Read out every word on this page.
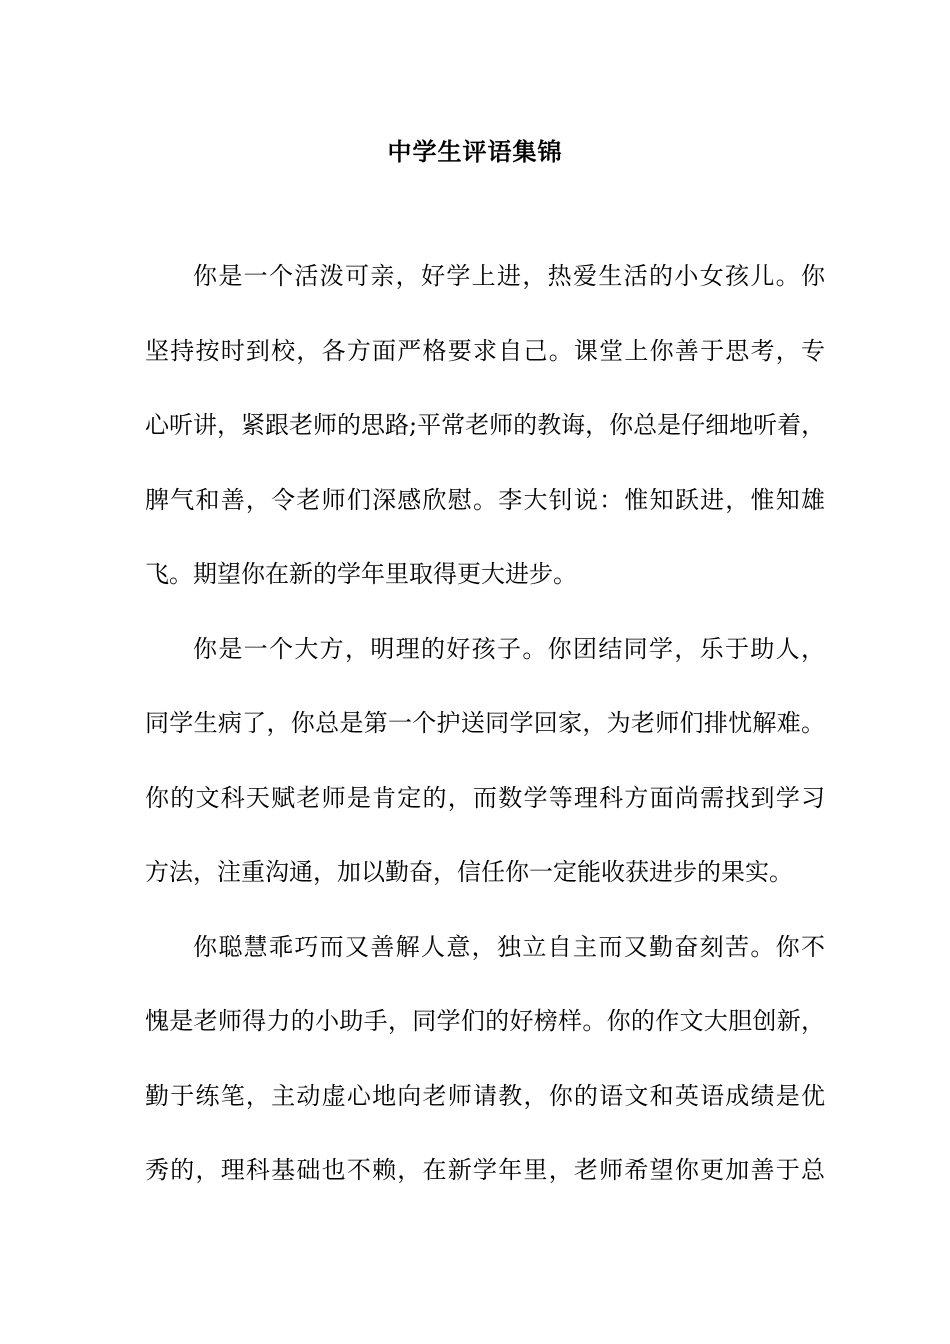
中学生评语集锦
你是一个活泼可亲，好学上进，热爱生活的小女孩儿。你
坚持按时到校，各方面严格要求自己。课堂上你善于思考，专
心听讲，紧跟老师的思路;平常老师的教诲，你总是仔细地听着，
脾气和善，令老师们深感欣慰。李大钊说：惟知跃进，惟知雄
飞。期望你在新的学年里取得更大进步。
你是一个大方，明理的好孩子。你团结同学，乐于助人，
同学生病了，你总是第一个护送同学回家，为老师们排忧解难。
你的文科天赋老师是肯定的，而数学等理科方面尚需找到学习
方法，注重沟通，加以勤奋，信任你一定能收获进步的果实。
你聪慧乖巧而又善解人意，独立自主而又勤奋刻苦。你不
愧是老师得力的小助手，同学们的好榜样。你的作文大胆创新，
勤于练笔，主动虚心地向老师请教，你的语文和英语成绩是优
秀的，理科基础也不赖，在新学年里，老师希望你更加善于总
